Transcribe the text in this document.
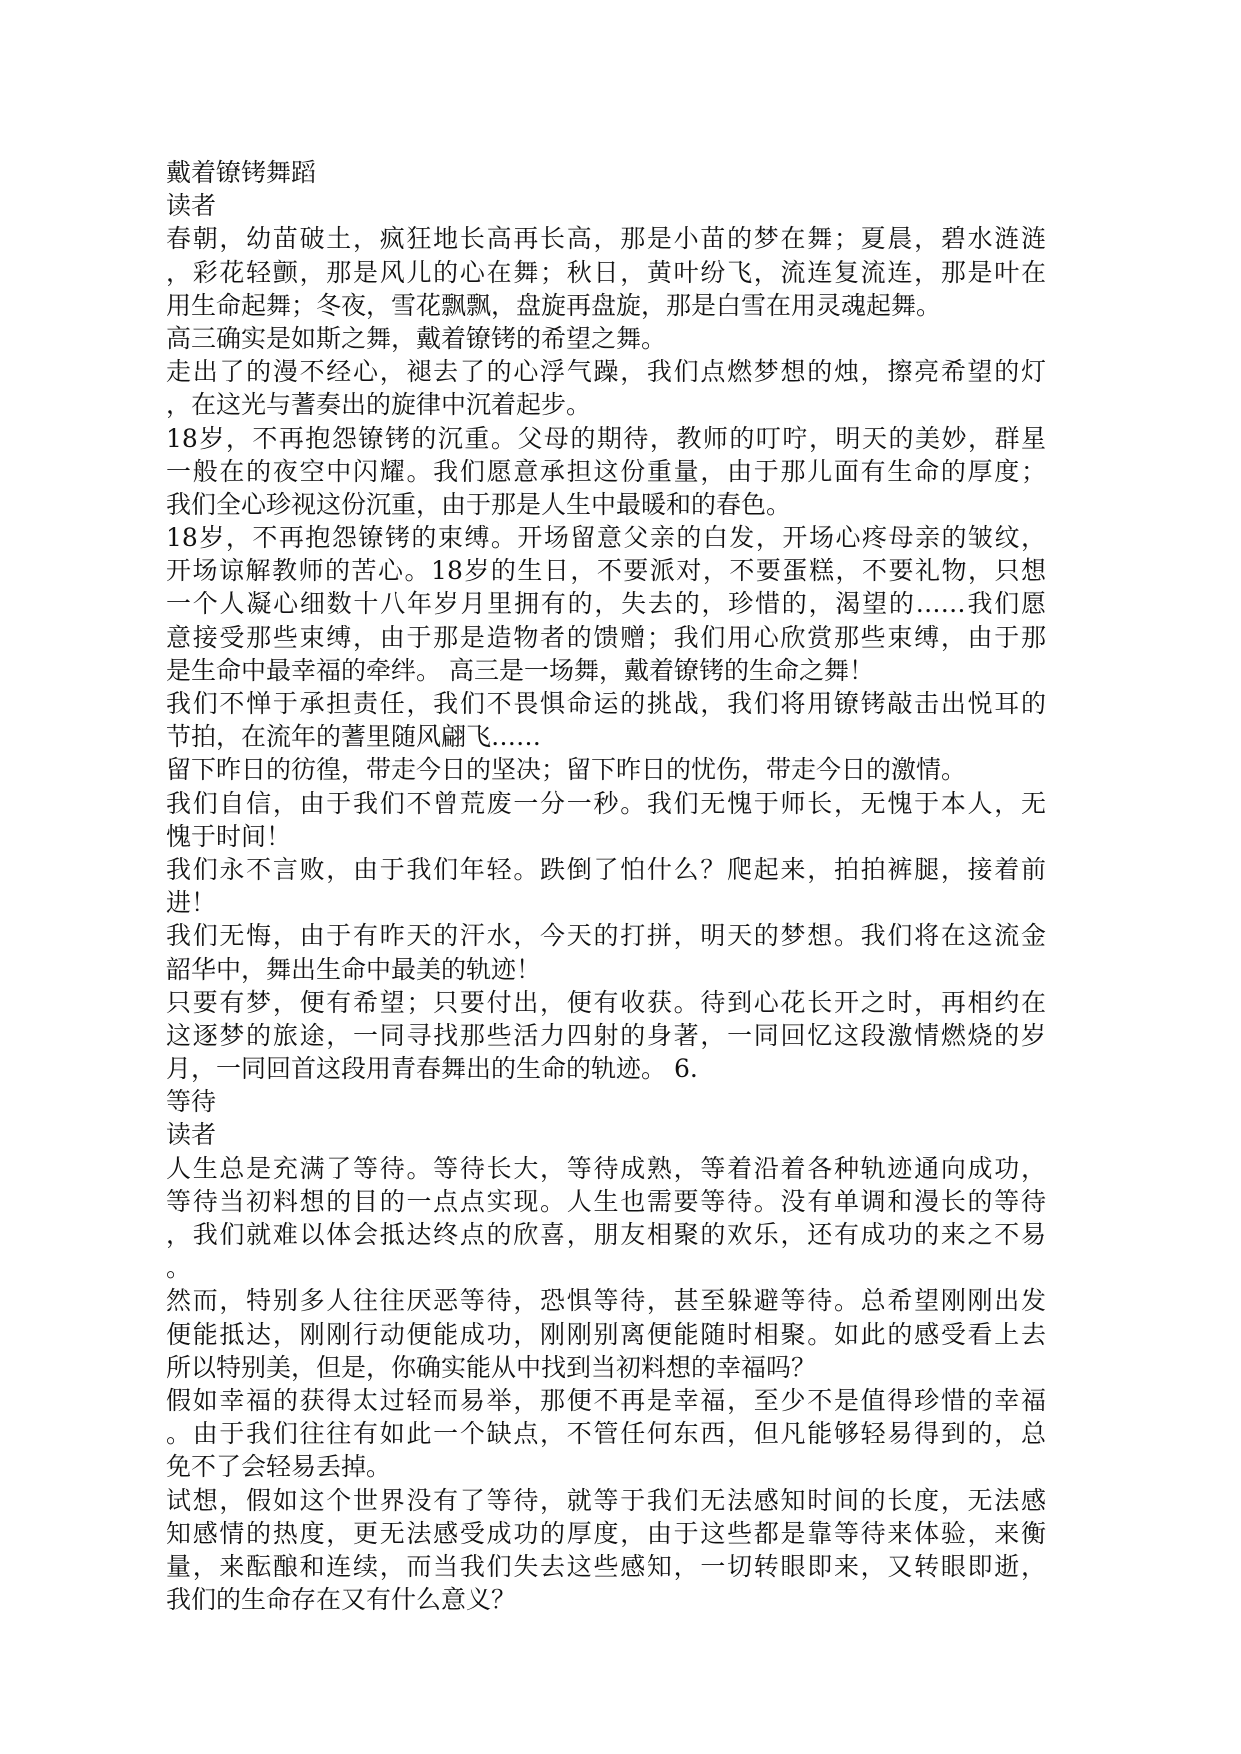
戴着镣铐舞蹈
读者
春朝，幼苗破土，疯狂地长高再长高，那是小苗的梦在舞；夏晨，碧水涟涟
，彩花轻颤，那是风儿的心在舞；秋日，黄叶纷飞，流连复流连，那是叶在
用生命起舞；冬夜，雪花飘飘，盘旋再盘旋，那是白雪在用灵魂起舞。
高三确实是如斯之舞，戴着镣铐的希望之舞。
走出了的漫不经心，褪去了的心浮气躁，我们点燃梦想的烛，擦亮希望的灯
，在这光与蓍奏出的旋律中沉着起步。
18岁，不再抱怨镣铐的沉重。父母的期待，教师的叮咛，明天的美妙，群星
一般在的夜空中闪耀。我们愿意承担这份重量，由于那儿面有生命的厚度；
我们全心珍视这份沉重，由于那是人生中最暖和的春色。
18岁，不再抱怨镣铐的束缚。开场留意父亲的白发，开场心疼母亲的皱纹，
开场谅解教师的苦心。18岁的生日，不要派对，不要蛋糕，不要礼物，只想
一个人凝心细数十八年岁月里拥有的，失去的，珍惜的，渴望的……我们愿
意接受那些束缚，由于那是造物者的馈赠；我们用心欣赏那些束缚，由于那
是生命中最幸福的牵绊。 高三是一场舞，戴着镣铐的生命之舞！
我们不惮于承担责任，我们不畏惧命运的挑战，我们将用镣铐敲击出悦耳的
节拍，在流年的蓍里随风翩飞……
留下昨日的彷徨，带走今日的坚决；留下昨日的忧伤，带走今日的激情。
我们自信，由于我们不曾荒废一分一秒。我们无愧于师长，无愧于本人，无
愧于时间！
我们永不言败，由于我们年轻。跌倒了怕什么？爬起来，拍拍裤腿，接着前
进！
我们无悔，由于有昨天的汗水，今天的打拼，明天的梦想。我们将在这流金
韶华中，舞出生命中最美的轨迹！
只要有梦，便有希望；只要付出，便有收获。待到心花长开之时，再相约在
这逐梦的旅途，一同寻找那些活力四射的身著，一同回忆这段激情燃烧的岁
月，一同回首这段用青春舞出的生命的轨迹。 6.
等待
读者
人生总是充满了等待。等待长大，等待成熟，等着沿着各种轨迹通向成功，
等待当初料想的目的一点点实现。人生也需要等待。没有单调和漫长的等待
，我们就难以体会抵达终点的欣喜，朋友相聚的欢乐，还有成功的来之不易
。
然而，特别多人往往厌恶等待，恐惧等待，甚至躲避等待。总希望刚刚出发
便能抵达，刚刚行动便能成功，刚刚别离便能随时相聚。如此的感受看上去
所以特别美，但是，你确实能从中找到当初料想的幸福吗？
假如幸福的获得太过轻而易举，那便不再是幸福，至少不是值得珍惜的幸福
。由于我们往往有如此一个缺点，不管任何东西，但凡能够轻易得到的，总
免不了会轻易丢掉。
试想，假如这个世界没有了等待，就等于我们无法感知时间的长度，无法感
知感情的热度，更无法感受成功的厚度，由于这些都是靠等待来体验，来衡
量，来酝酿和连续，而当我们失去这些感知，一切转眼即来，又转眼即逝，
我们的生命存在又有什么意义？
